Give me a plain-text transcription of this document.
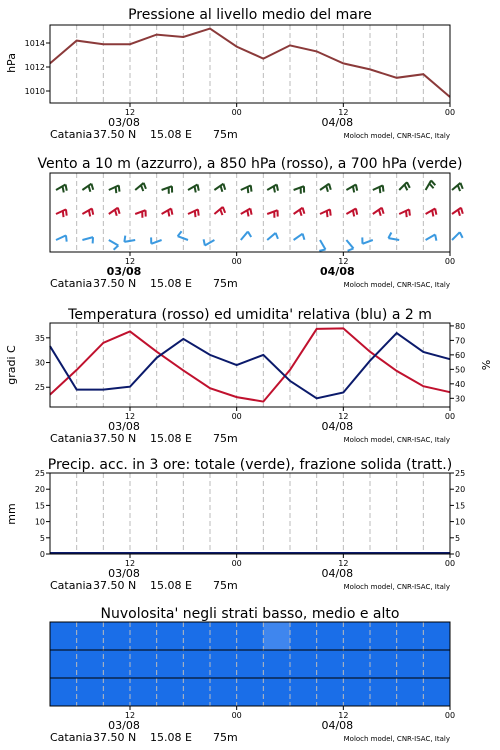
Pressione al livello medio del mare
hPa
1010
1012
1014
12	00	12	00
03/08	04/08
Catania 37.50 N 15.08 E 75m	Moloch model, CNR-ISAC, Italy
Vento a 10 m (azzurro), a 850 hPa (rosso), a 700 hPa (verde)
12	00	12	00
03/08	04/08
Catania 37.50 N 15.08 E 75m	Moloch model, CNR-ISAC, Italy
Temperatura (rosso) ed umidita' relativa (blu) a 2 m
gradi C	%
25
30
35
30
40
50
60
70
80
12	00	12	00
03/08	04/08
Catania 37.50 N 15.08 E 75m	Moloch model, CNR-ISAC, Italy
Precip. acc. in 3 ore: totale (verde), frazione solida (tratt.)
mm
0
5
10
15
20
25
0
5
10
15
20
25
12	00	12	00
03/08	04/08
Catania 37.50 N 15.08 E 75m	Moloch model, CNR-ISAC, Italy
Nuvolosita' negli strati basso, medio e alto
12	00	12	00
03/08	04/08
Catania 37.50 N 15.08 E 75m	Moloch model, CNR-ISAC, Italy
